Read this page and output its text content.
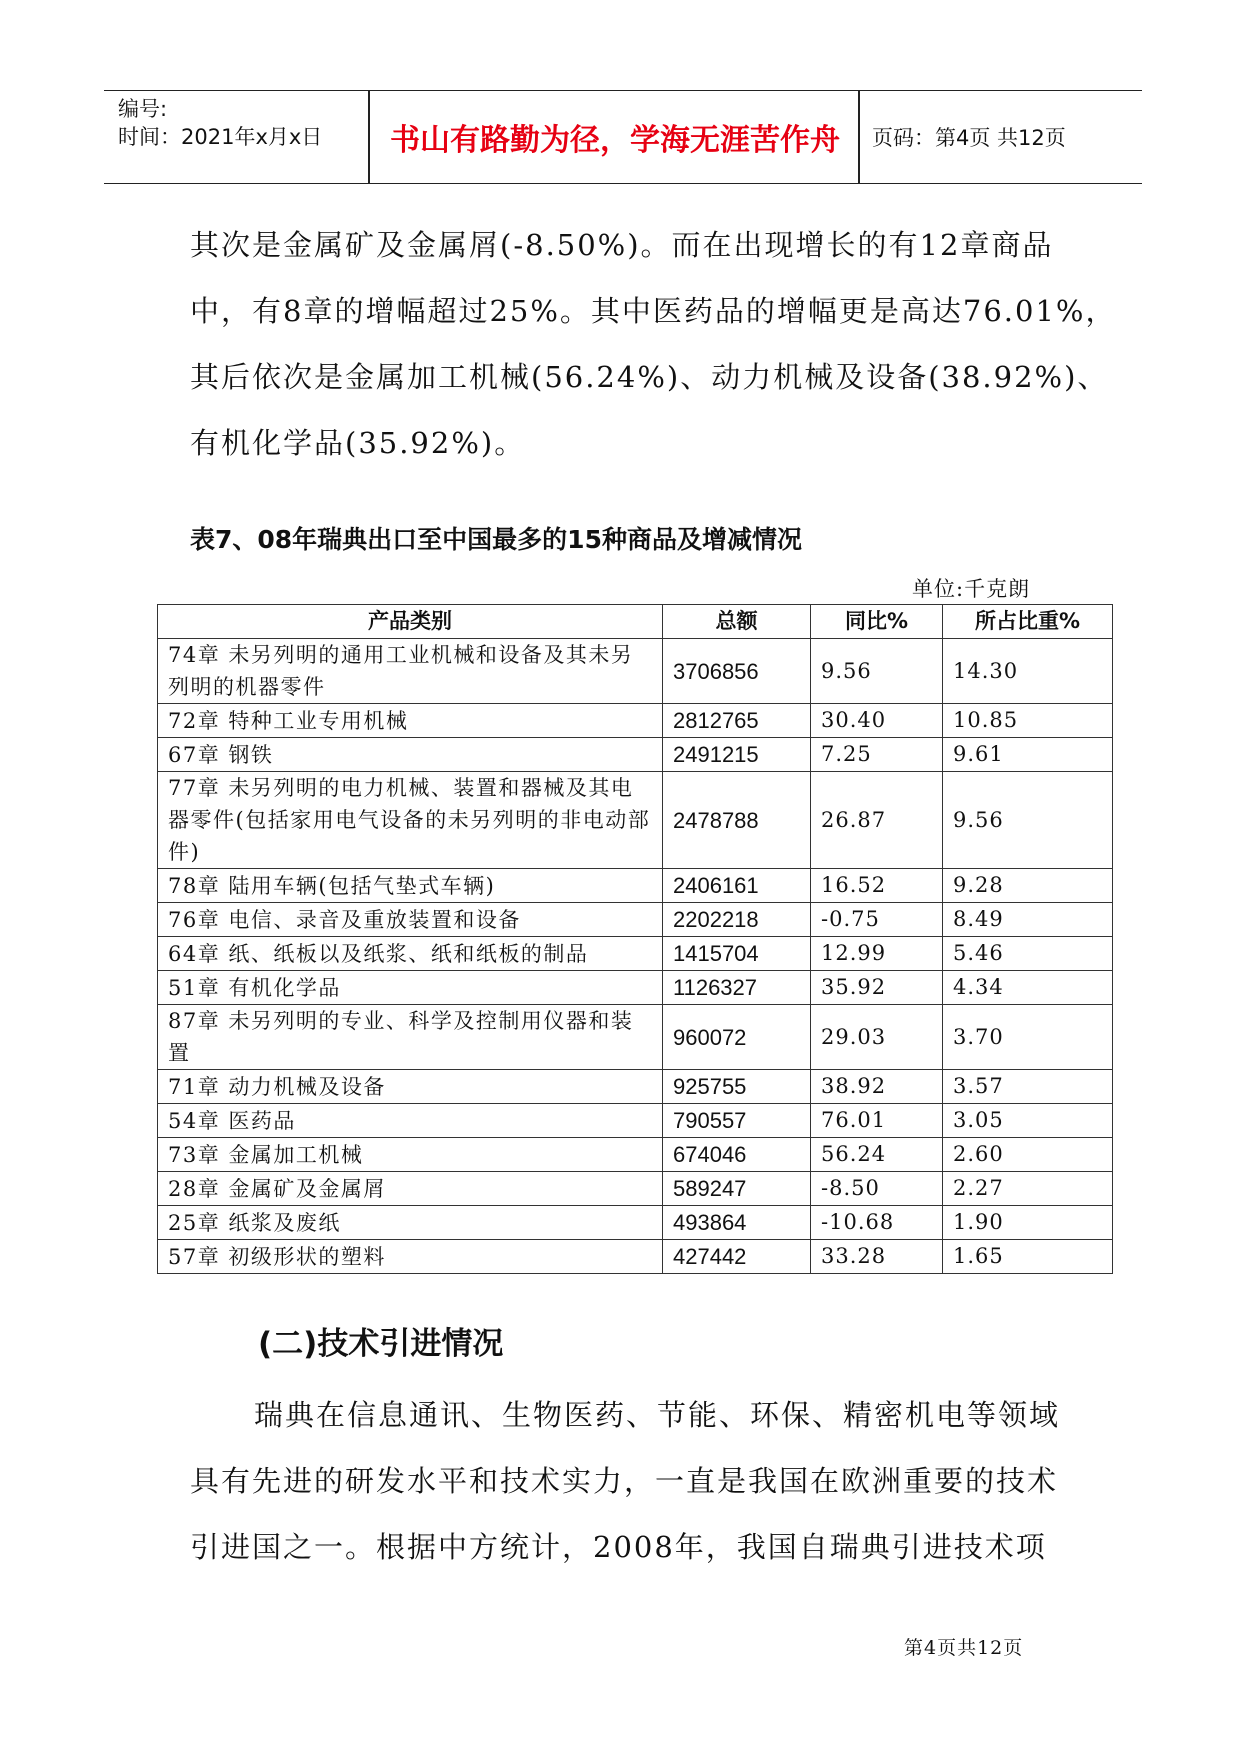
编号:
时间：2021年x月x日	书山有路勤为径，学海无涯苦作舟	页码：第4页 共12页
其次是金属矿及金属屑(-8.50%)。而在出现增长的有12章商品
中，有8章的增幅超过25%。其中医药品的增幅更是高达76.01%，
其后依次是金属加工机械(56.24%)、动力机械及设备(38.92%)、
有机化学品(35.92%)。
表7、08年瑞典出口至中国最多的15种商品及增减情况
单位:千克朗
产品类别	总额	同比%	所占比重%
74章 未另列明的通用工业机械和设备及其未另列明的机器零件	3706856	9.56	14.30
72章 特种工业专用机械	2812765	30.40	10.85
67章 钢铁	2491215	7.25	9.61
77章 未另列明的电力机械、装置和器械及其电器零件(包括家用电气设备的未另列明的非电动部件)	2478788	26.87	9.56
78章 陆用车辆(包括气垫式车辆)	2406161	16.52	9.28
76章 电信、录音及重放装置和设备	2202218	-0.75	8.49
64章 纸、纸板以及纸浆、纸和纸板的制品	1415704	12.99	5.46
51章 有机化学品	1126327	35.92	4.34
87章 未另列明的专业、科学及控制用仪器和装置	960072	29.03	3.70
71章 动力机械及设备	925755	38.92	3.57
54章 医药品	790557	76.01	3.05
73章 金属加工机械	674046	56.24	2.60
28章 金属矿及金属屑	589247	-8.50	2.27
25章 纸浆及废纸	493864	-10.68	1.90
57章 初级形状的塑料	427442	33.28	1.65
(二)技术引进情况
瑞典在信息通讯、生物医药、节能、环保、精密机电等领域
具有先进的研发水平和技术实力，一直是我国在欧洲重要的技术
引进国之一。根据中方统计，2008年，我国自瑞典引进技术项
第4页共12页
